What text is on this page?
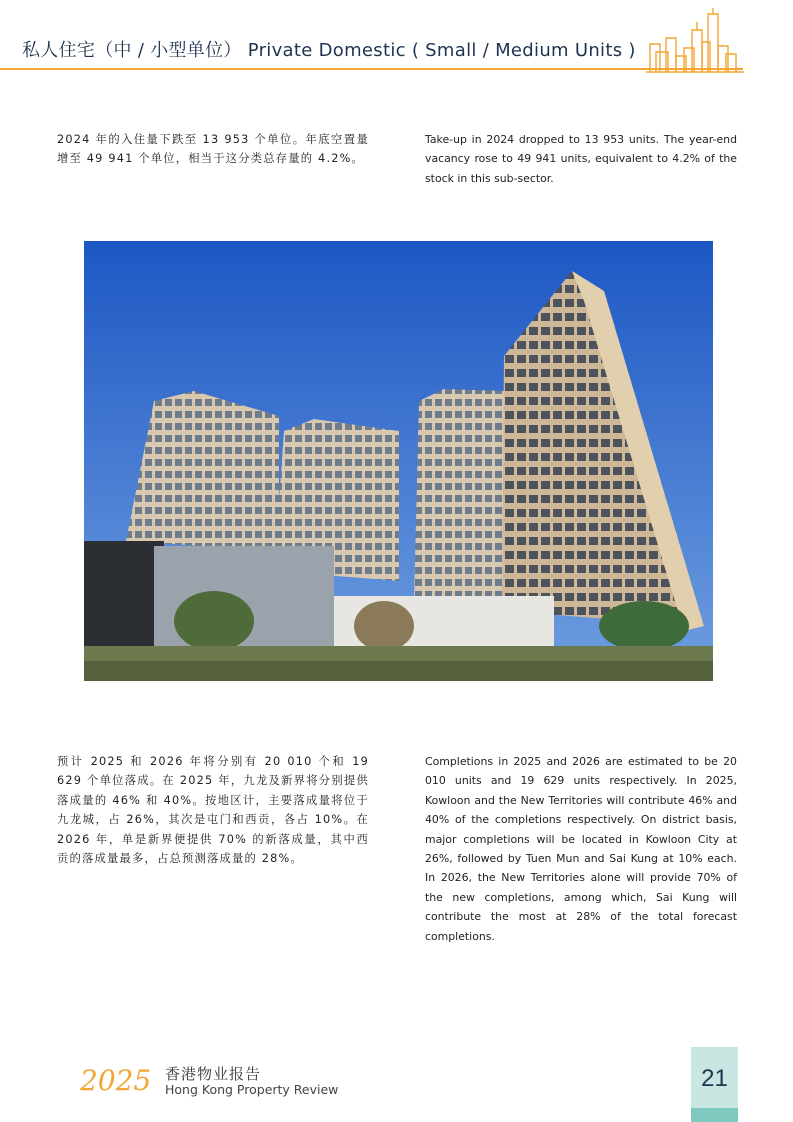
私人住宅（中 / 小型单位） Private Domestic ( Small / Medium Units )

2024 年的入住量下跌至 13 953 个单位。年底空置量增至 49 941 个单位，相当于这分类总存量的 4.2%。

Take-up in 2024 dropped to 13 953 units. The year-end vacancy rose to 49 941 units, equivalent to 4.2% of the stock in this sub-sector.

预计 2025 和 2026 年将分别有 20 010 个和 19 629 个单位落成。在 2025 年，九龙及新界将分别提供落成量的 46% 和 40%。按地区计，主要落成量将位于九龙城，占 26%，其次是屯门和西贡，各占 10%。在 2026 年，单是新界便提供 70% 的新落成量，其中西贡的落成量最多，占总预测落成量的 28%。

Completions in 2025 and 2026 are estimated to be 20 010 units and 19 629 units respectively. In 2025, Kowloon and the New Territories will contribute 46% and 40% of the completions respectively. On district basis, major completions will be located in Kowloon City at 26%, followed by Tuen Mun and Sai Kung at 10% each. In 2026, the New Territories alone will provide 70% of the new completions, among which, Sai Kung will contribute the most at 28% of the total forecast completions.

2025 香港物业报告
Hong Kong Property Review	21
